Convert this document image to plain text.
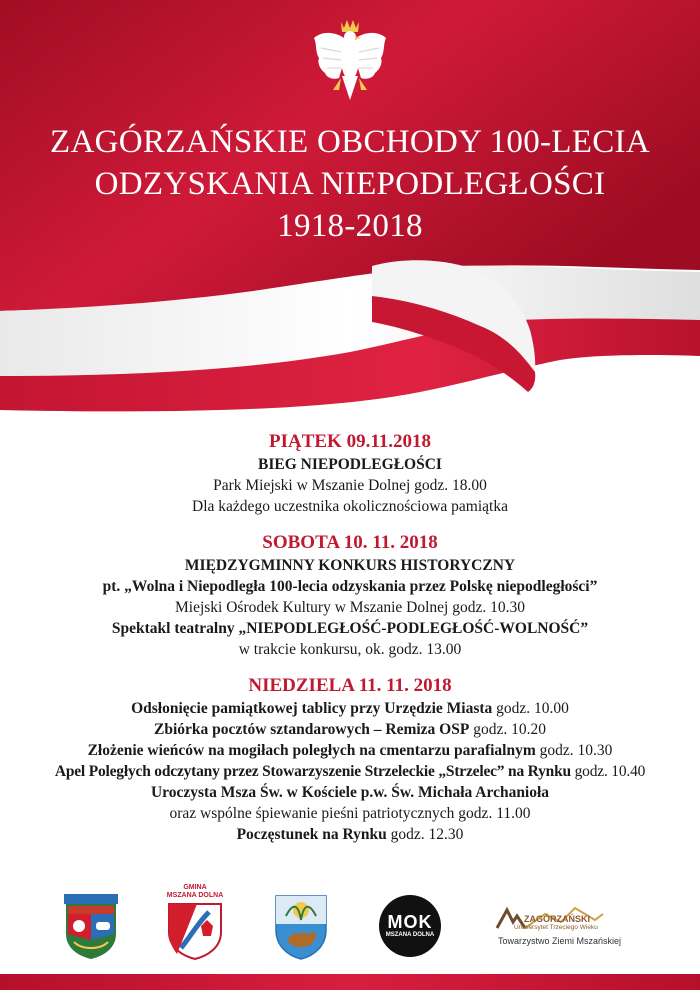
ZAGÓRZAŃSKIE OBCHODY 100-LECIA
ODZYSKANIA NIEPODLEGŁOŚCI
1918-2018
PIĄTEK 09.11.2018
BIEG NIEPODLEGŁOŚCI
Park Miejski w Mszanie Dolnej godz. 18.00
Dla każdego uczestnika okolicznościowa pamiątka
SOBOTA 10. 11. 2018
MIĘDZYGMINNY KONKURS HISTORYCZNY
pt. „Wolna i Niepodległa 100-lecia odzyskania przez Polskę niepodległości”
Miejski Ośrodek Kultury w Mszanie Dolnej godz. 10.30
Spektakl teatralny „NIEPODLEGŁOŚĆ-PODLEGŁOŚĆ-WOLNOŚĆ”
w trakcie konkursu, ok. godz. 13.00
NIEDZIELA 11. 11. 2018
Odsłonięcie pamiątkowej tablicy przy Urzędzie Miasta godz. 10.00
Zbiórka pocztów sztandarowych – Remiza OSP godz. 10.20
Złożenie wieńców na mogiłach poległych na cmentarzu parafialnym godz. 10.30
Apel Poległych odczytany przez Stowarzyszenie Strzeleckie „Strzelec” na Rynku godz. 10.40
Uroczysta Msza Św. w Kościele p.w. Św. Michała Archanioła
oraz wspólne śpiewanie pieśni patriotycznych godz. 11.00
Poczęstunek na Rynku godz. 12.30
MSZANA DOLNA	GMINA
MSZANA DOLNA
MOK
MSZANA DOLNA
ZAGÓRZAŃSKI
Uniwersytet Trzeciego Wieku
Towarzystwo Ziemi Mszańskiej
